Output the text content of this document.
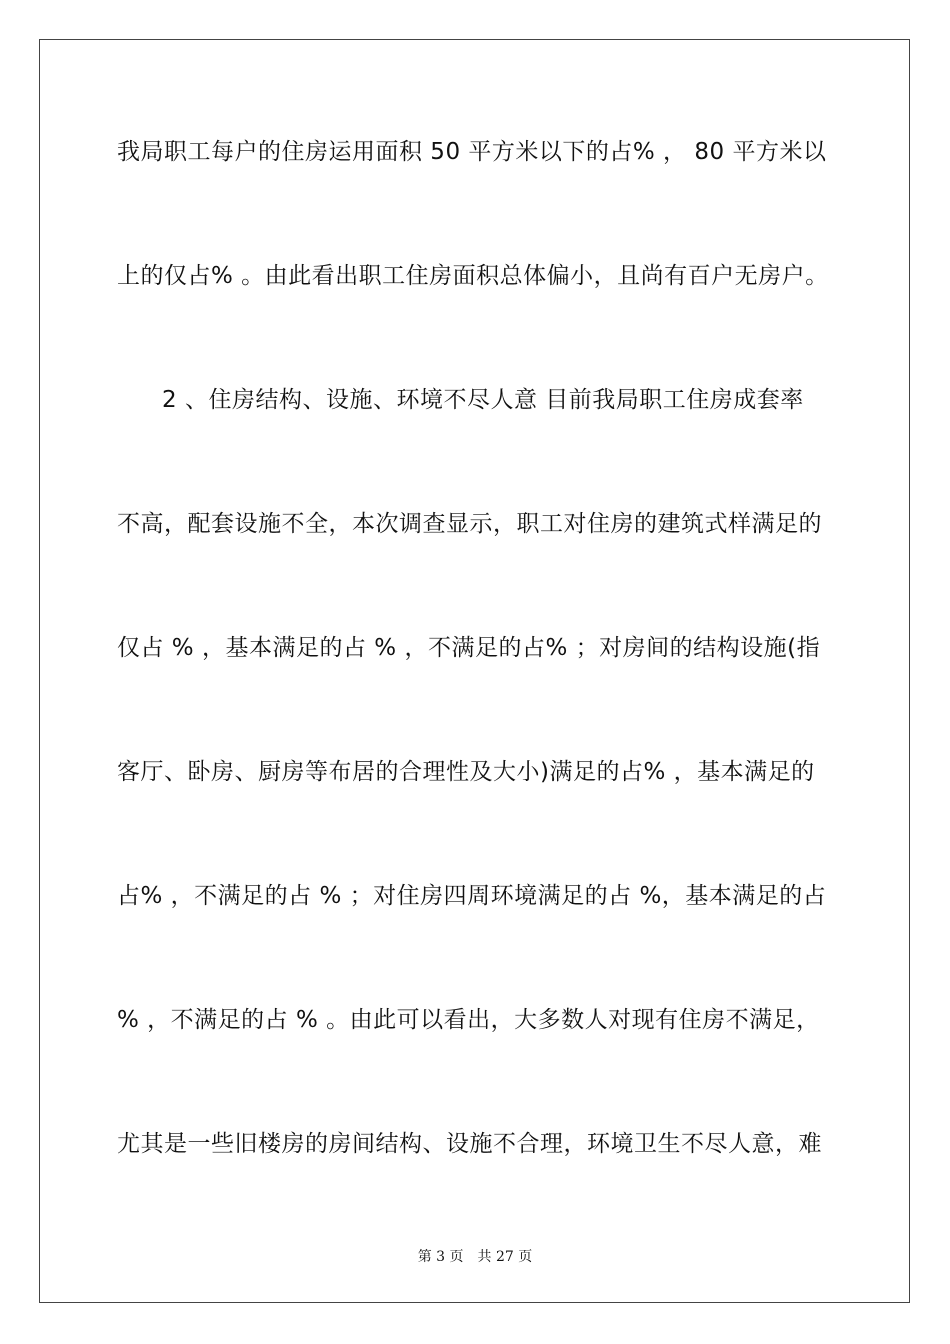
我局职工每户的住房运用面积 50 平方米以下的占% ， 80 平方米以
上的仅占% 。由此看出职工住房面积总体偏小，且尚有百户无房户。
2 、住房结构、设施、环境不尽人意 目前我局职工住房成套率
不高，配套设施不全，本次调查显示，职工对住房的建筑式样满足的
仅占 % ，基本满足的占 % ，不满足的占% ；对房间的结构设施(指
客厅、卧房、厨房等布居的合理性及大小)满足的占% ，基本满足的
占% ，不满足的占 % ；对住房四周环境满足的占 %，基本满足的占
% ，不满足的占 % 。由此可以看出，大多数人对现有住房不满足，
尤其是一些旧楼房的房间结构、设施不合理，环境卫生不尽人意，难
第 3 页　共 27 页
